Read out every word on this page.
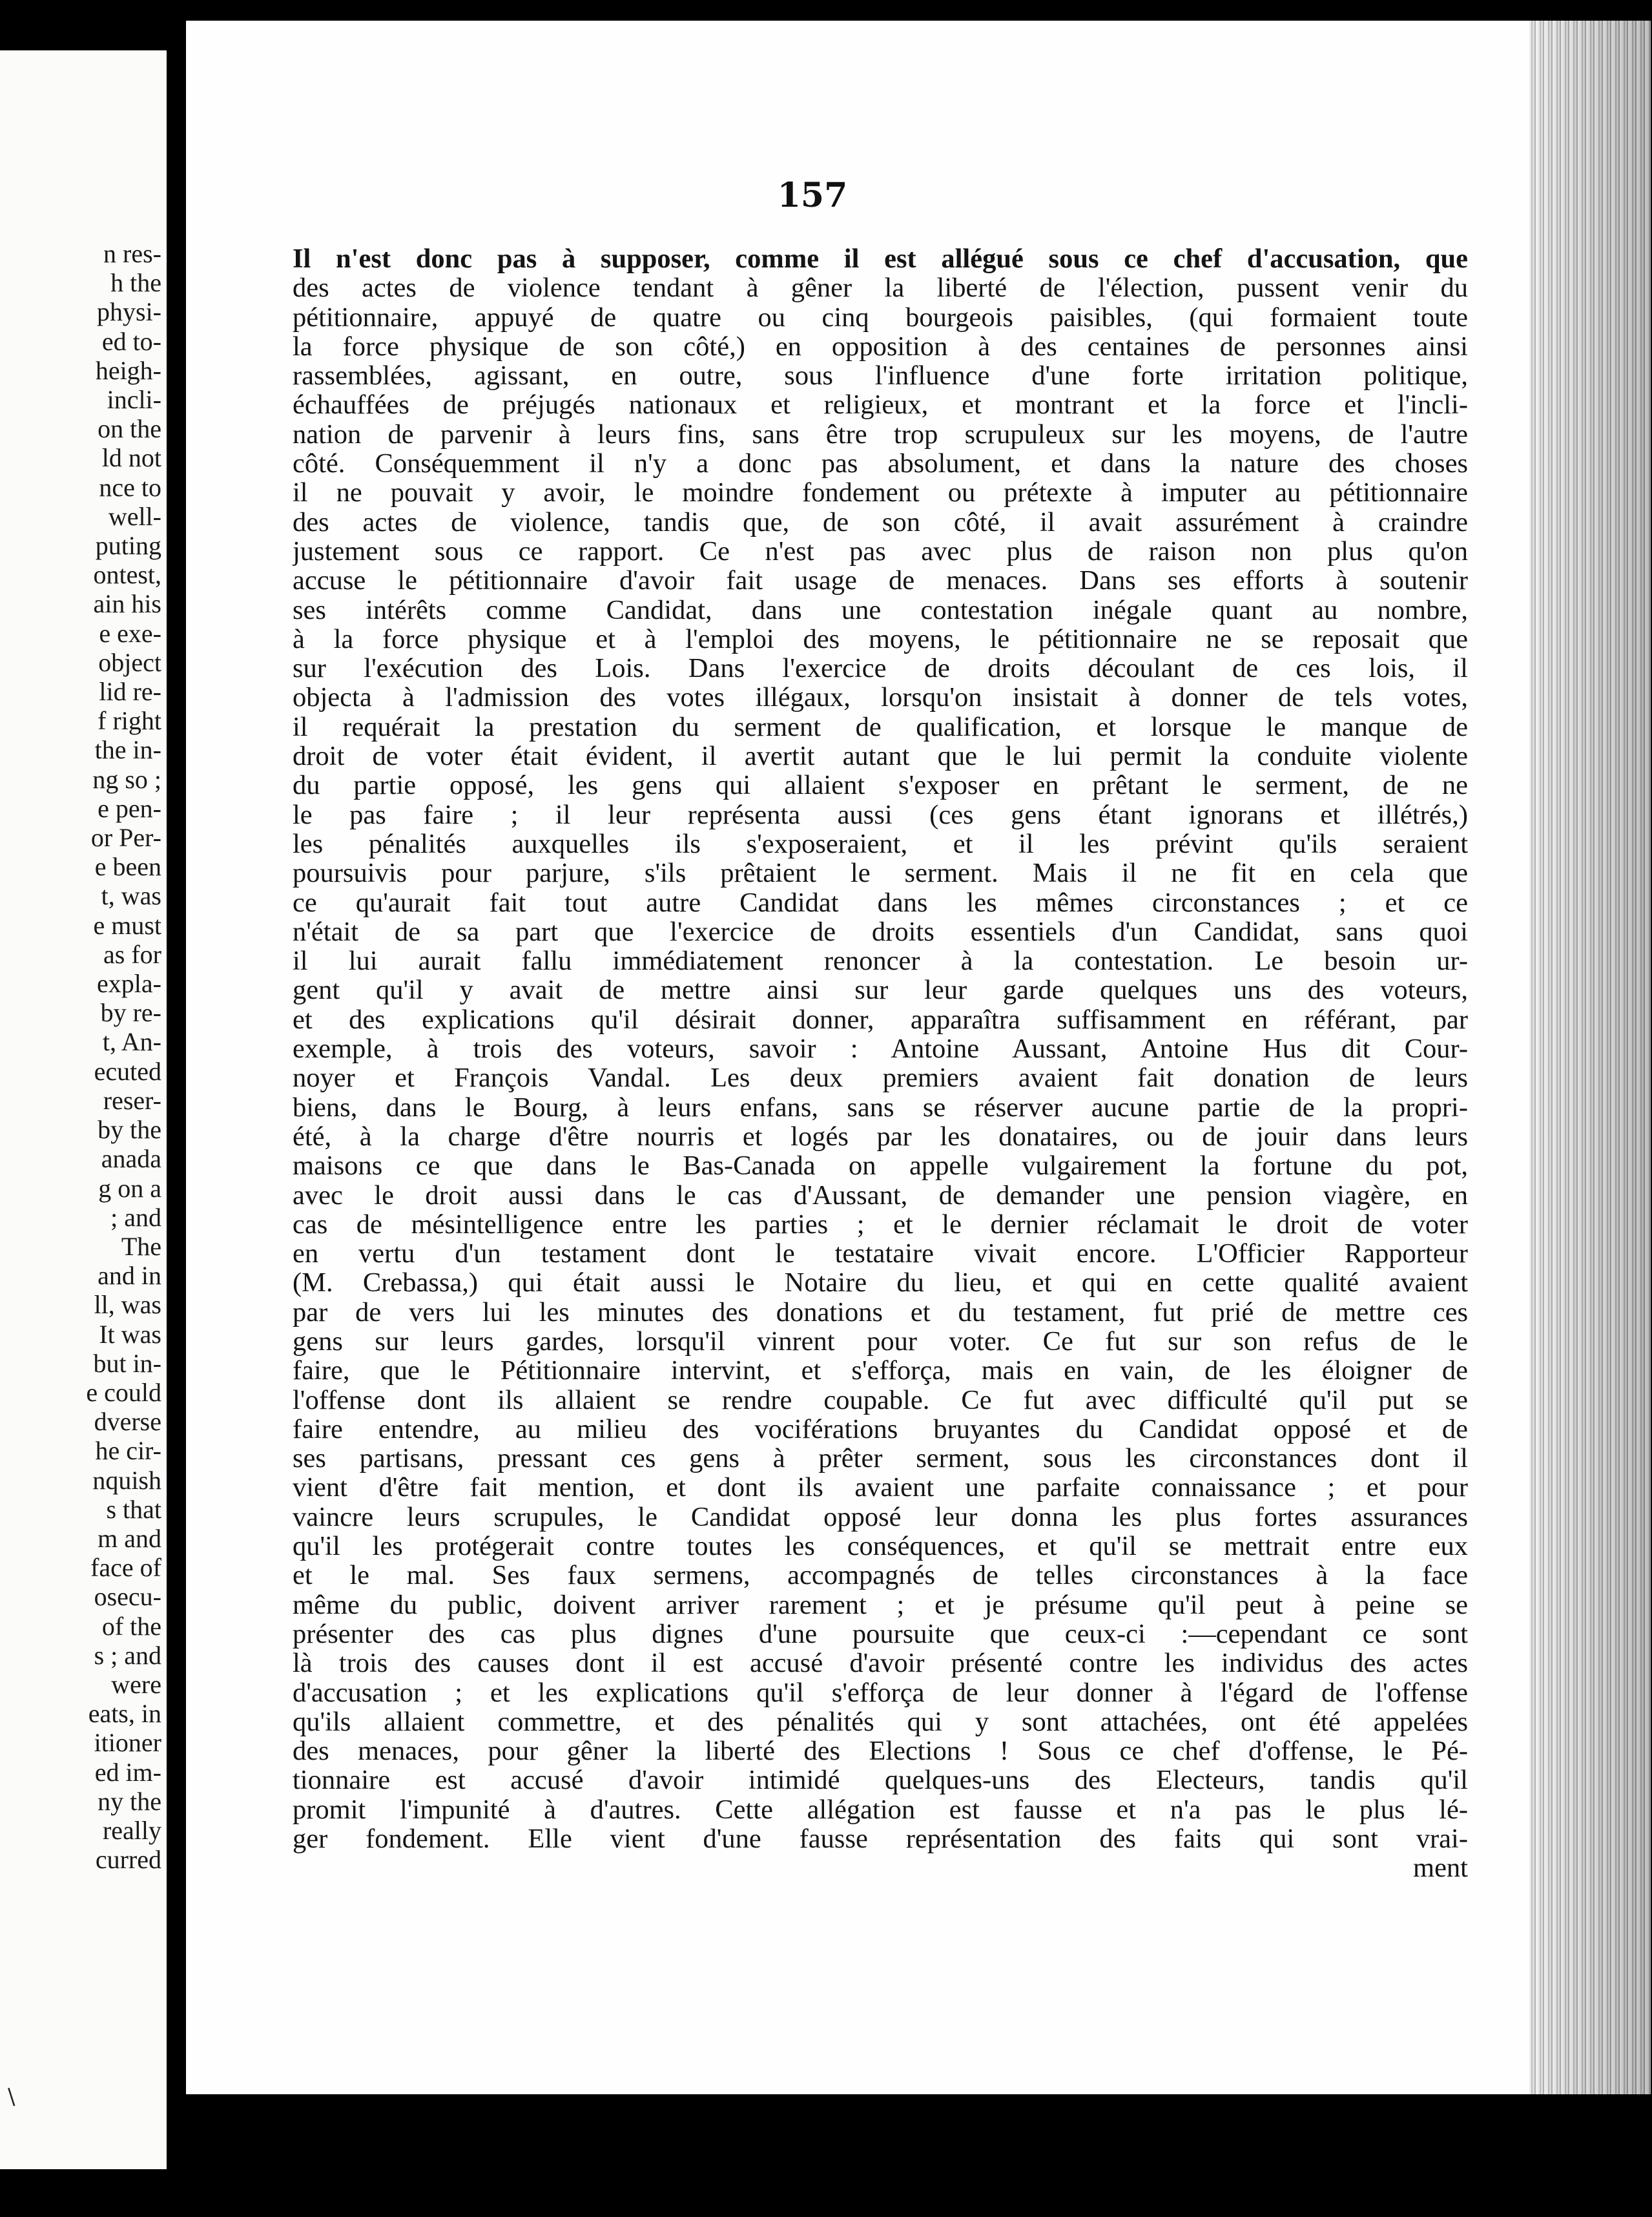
n res-
h the
physi-
ed to-
heigh-
incli-
on the
ld not
nce to
well-
puting
ontest,
ain his
e exe-
object
lid re-
f right
the in-
ng so ;
e pen-
or Per-
e been
t, was
e must
as for
expla-
by re-
t, An-
ecuted
reser-
by the
anada
g on a
; and
The
and in
ll, was
It was
but in-
e could
dverse
he cir-
nquish
s that
m and
face of
osecu-
of the
s ; and
were
eats, in
itioner
ed im-
ny the
really
curred
\
157
Il n'est donc pas à supposer, comme il est allégué sous ce chef d'accusation, que
des actes de violence tendant à gêner la liberté de l'élection, pussent venir du
pétitionnaire, appuyé de quatre ou cinq bourgeois paisibles, (qui formaient toute
la force physique de son côté,) en opposition à des centaines de personnes ainsi
rassemblées, agissant, en outre, sous l'influence d'une forte irritation politique,
échauffées de préjugés nationaux et religieux, et montrant et la force et l'incli-
nation de parvenir à leurs fins, sans être trop scrupuleux sur les moyens, de l'autre
côté. Conséquemment il n'y a donc pas absolument, et dans la nature des choses
il ne pouvait y avoir, le moindre fondement ou prétexte à imputer au pétitionnaire
des actes de violence, tandis que, de son côté, il avait assurément à craindre
justement sous ce rapport. Ce n'est pas avec plus de raison non plus qu'on
accuse le pétitionnaire d'avoir fait usage de menaces. Dans ses efforts à soutenir
ses intérêts comme Candidat, dans une contestation inégale quant au nombre,
à la force physique et à l'emploi des moyens, le pétitionnaire ne se reposait que
sur l'exécution des Lois. Dans l'exercice de droits découlant de ces lois, il
objecta à l'admission des votes illégaux, lorsqu'on insistait à donner de tels votes,
il requérait la prestation du serment de qualification, et lorsque le manque de
droit de voter était évident, il avertit autant que le lui permit la conduite violente
du partie opposé, les gens qui allaient s'exposer en prêtant le serment, de ne
le pas faire ; il leur représenta aussi (ces gens étant ignorans et illétrés,)
les pénalités auxquelles ils s'exposeraient, et il les prévint qu'ils seraient
poursuivis pour parjure, s'ils prêtaient le serment. Mais il ne fit en cela que
ce qu'aurait fait tout autre Candidat dans les mêmes circonstances ; et ce
n'était de sa part que l'exercice de droits essentiels d'un Candidat, sans quoi
il lui aurait fallu immédiatement renoncer à la contestation. Le besoin ur-
gent qu'il y avait de mettre ainsi sur leur garde quelques uns des voteurs,
et des explications qu'il désirait donner, apparaîtra suffisamment en référant, par
exemple, à trois des voteurs, savoir : Antoine Aussant, Antoine Hus dit Cour-
noyer et François Vandal. Les deux premiers avaient fait donation de leurs
biens, dans le Bourg, à leurs enfans, sans se réserver aucune partie de la propri-
été, à la charge d'être nourris et logés par les donataires, ou de jouir dans leurs
maisons ce que dans le Bas-Canada on appelle vulgairement la fortune du pot,
avec le droit aussi dans le cas d'Aussant, de demander une pension viagère, en
cas de mésintelligence entre les parties ; et le dernier réclamait le droit de voter
en vertu d'un testament dont le testataire vivait encore. L'Officier Rapporteur
(M. Crebassa,) qui était aussi le Notaire du lieu, et qui en cette qualité avaient
par de vers lui les minutes des donations et du testament, fut prié de mettre ces
gens sur leurs gardes, lorsqu'il vinrent pour voter. Ce fut sur son refus de le
faire, que le Pétitionnaire intervint, et s'efforça, mais en vain, de les éloigner de
l'offense dont ils allaient se rendre coupable. Ce fut avec difficulté qu'il put se
faire entendre, au milieu des vociférations bruyantes du Candidat opposé et de
ses partisans, pressant ces gens à prêter serment, sous les circonstances dont il
vient d'être fait mention, et dont ils avaient une parfaite connaissance ; et pour
vaincre leurs scrupules, le Candidat opposé leur donna les plus fortes assurances
qu'il les protégerait contre toutes les conséquences, et qu'il se mettrait entre eux
et le mal. Ses faux sermens, accompagnés de telles circonstances à la face
même du public, doivent arriver rarement ; et je présume qu'il peut à peine se
présenter des cas plus dignes d'une poursuite que ceux-ci :—cependant ce sont
là trois des causes dont il est accusé d'avoir présenté contre les individus des actes
d'accusation ; et les explications qu'il s'efforça de leur donner à l'égard de l'offense
qu'ils allaient commettre, et des pénalités qui y sont attachées, ont été appelées
des menaces, pour gêner la liberté des Elections ! Sous ce chef d'offense, le Pé-
tionnaire est accusé d'avoir intimidé quelques-uns des Electeurs, tandis qu'il
promit l'impunité à d'autres. Cette allégation est fausse et n'a pas le plus lé-
ger fondement. Elle vient d'une fausse représentation des faits qui sont vrai-
ment
